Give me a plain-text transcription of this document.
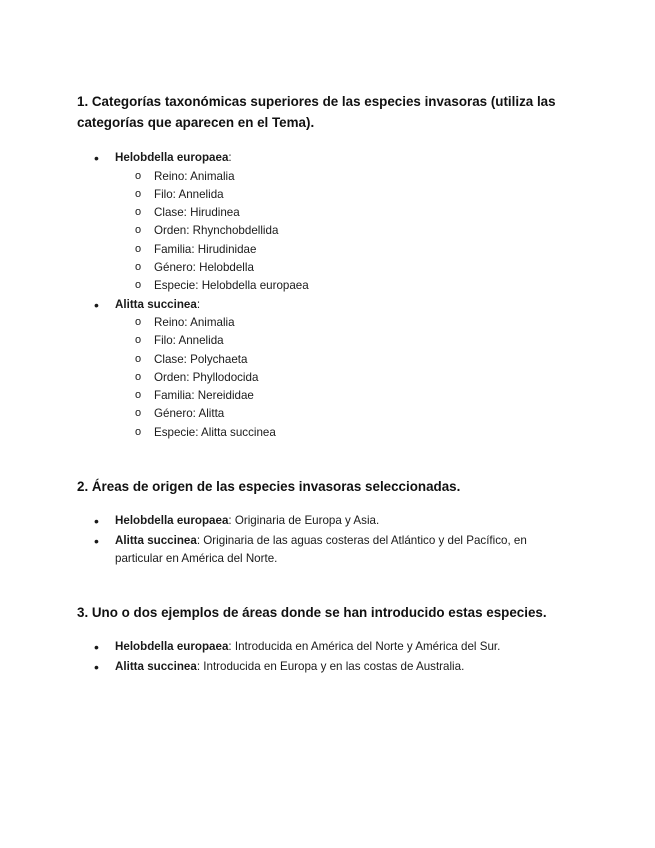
1. Categorías taxonómicas superiores de las especies invasoras (utiliza las categorías que aparecen en el Tema).
• Helobdella europaea:
o Reino: Animalia
o Filo: Annelida
o Clase: Hirudinea
o Orden: Rhynchobdellida
o Familia: Hirudinidae
o Género: Helobdella
o Especie: Helobdella europaea
• Alitta succinea:
o Reino: Animalia
o Filo: Annelida
o Clase: Polychaeta
o Orden: Phyllodocida
o Familia: Nereididae
o Género: Alitta
o Especie: Alitta succinea
2. Áreas de origen de las especies invasoras seleccionadas.
• Helobdella europaea: Originaria de Europa y Asia.
• Alitta succinea: Originaria de las aguas costeras del Atlántico y del Pacífico, en particular en América del Norte.
3. Uno o dos ejemplos de áreas donde se han introducido estas especies.
• Helobdella europaea: Introducida en América del Norte y América del Sur.
• Alitta succinea: Introducida en Europa y en las costas de Australia.
